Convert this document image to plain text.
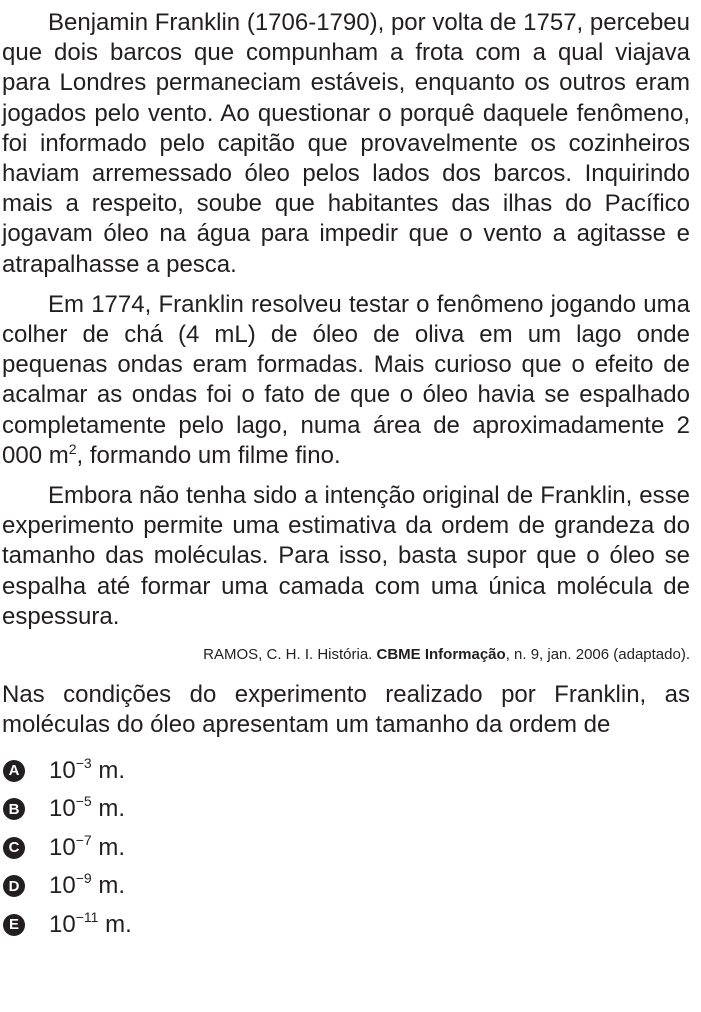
Benjamin Franklin (1706-1790), por volta de 1757, percebeu que dois barcos que compunham a frota com a qual viajava para Londres permaneciam estáveis, enquanto os outros eram jogados pelo vento. Ao questionar o porquê daquele fenômeno, foi informado pelo capitão que provavelmente os cozinheiros haviam arremessado óleo pelos lados dos barcos. Inquirindo mais a respeito, soube que habitantes das ilhas do Pacífico jogavam óleo na água para impedir que o vento a agitasse e atrapalhasse a pesca.

Em 1774, Franklin resolveu testar o fenômeno jogando uma colher de chá (4 mL) de óleo de oliva em um lago onde pequenas ondas eram formadas. Mais curioso que o efeito de acalmar as ondas foi o fato de que o óleo havia se espalhado completamente pelo lago, numa área de aproximadamente 2 000 $m^2$, formando um filme fino.

Embora não tenha sido a intenção original de Franklin, esse experimento permite uma estimativa da ordem de grandeza do tamanho das moléculas. Para isso, basta supor que o óleo se espalha até formar uma camada com uma única molécula de espessura.

RAMOS, C. H. I. História. CBME Informação, n. 9, jan. 2006 (adaptado).

Nas condições do experimento realizado por Franklin, as moléculas do óleo apresentam um tamanho da ordem de

A $10^{-3}$ m.
B $10^{-5}$ m.
C $10^{-7}$ m.
D $10^{-9}$ m.
E $10^{-11}$ m.
